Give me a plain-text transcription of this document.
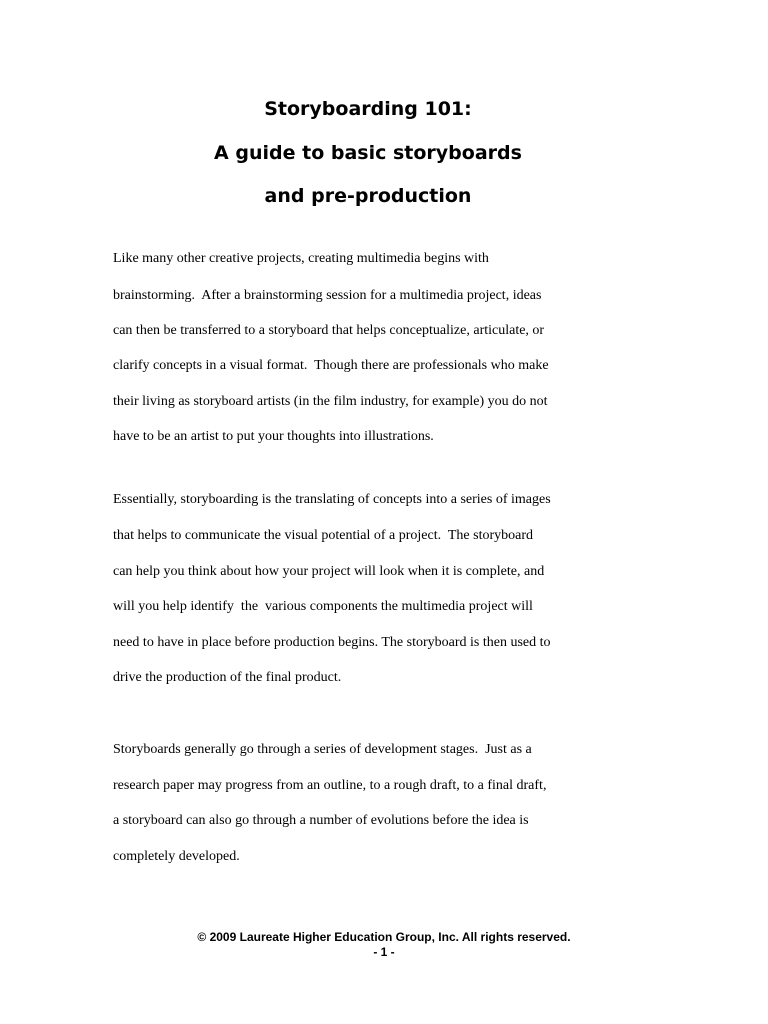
Storyboarding 101:
A guide to basic storyboards
and pre-production
Like many other creative projects, creating multimedia begins with
brainstorming.  After a brainstorming session for a multimedia project, ideas
can then be transferred to a storyboard that helps conceptualize, articulate, or
clarify concepts in a visual format.  Though there are professionals who make
their living as storyboard artists (in the film industry, for example) you do not
have to be an artist to put your thoughts into illustrations.
Essentially, storyboarding is the translating of concepts into a series of images
that helps to communicate the visual potential of a project.  The storyboard
can help you think about how your project will look when it is complete, and
will you help identify  the  various components the multimedia project will
need to have in place before production begins. The storyboard is then used to
drive the production of the final product.
Storyboards generally go through a series of development stages.  Just as a
research paper may progress from an outline, to a rough draft, to a final draft,
a storyboard can also go through a number of evolutions before the idea is
completely developed.
© 2009 Laureate Higher Education Group, Inc. All rights reserved.
- 1 -
